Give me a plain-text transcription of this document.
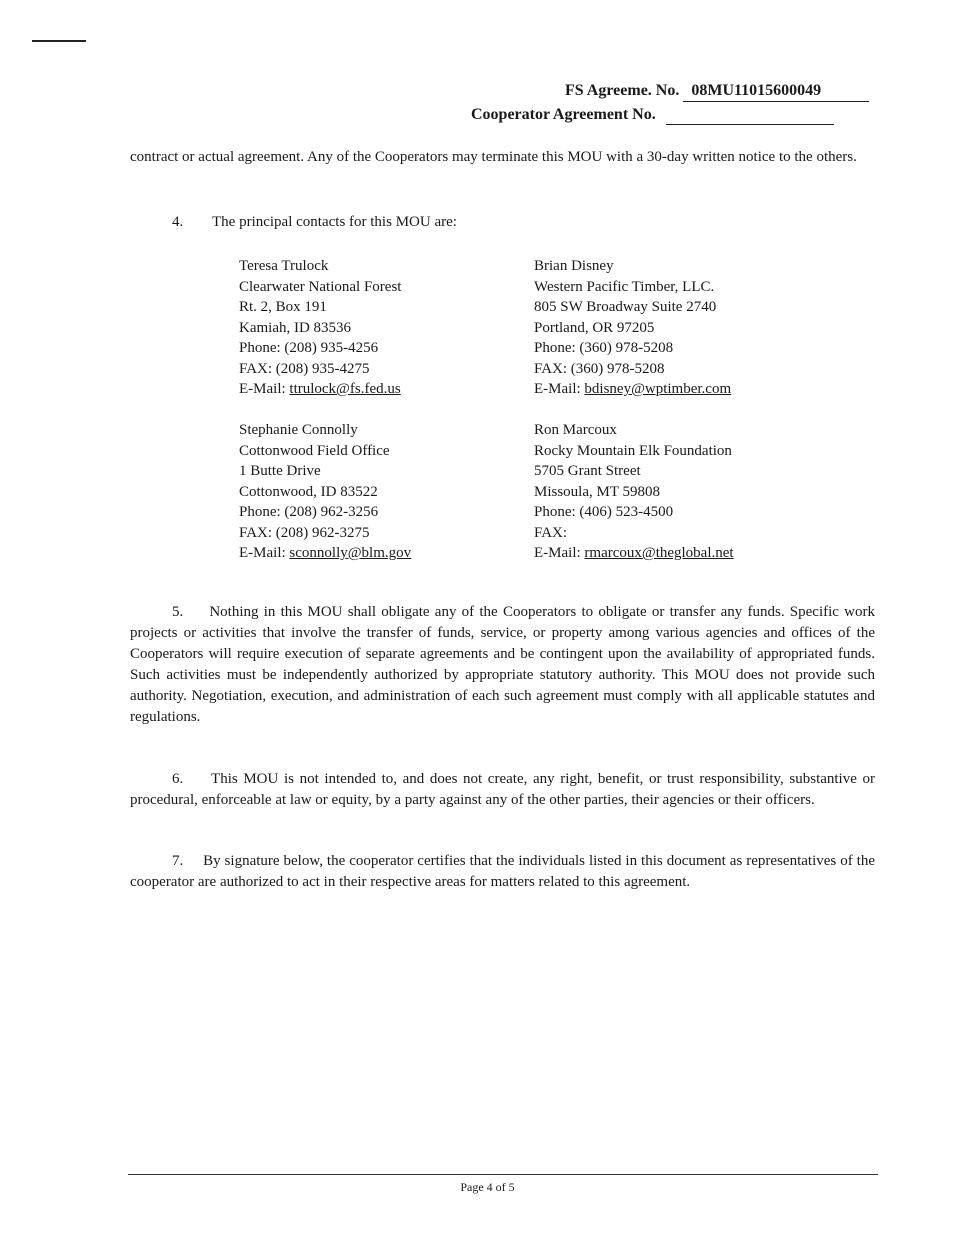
FS Agreeme. No. 08MU11015600049
Cooperator Agreement No.
contract or actual agreement. Any of the Cooperators may terminate this MOU with a 30-day written notice to the others.
4. The principal contacts for this MOU are:
Teresa Trulock
Clearwater National Forest
Rt. 2, Box 191
Kamiah, ID 83536
Phone: (208) 935-4256
FAX: (208) 935-4275
E-Mail: ttrulock@fs.fed.us
Brian Disney
Western Pacific Timber, LLC.
805 SW Broadway Suite 2740
Portland, OR 97205
Phone: (360) 978-5208
FAX: (360) 978-5208
E-Mail: bdisney@wptimber.com
Stephanie Connolly
Cottonwood Field Office
1 Butte Drive
Cottonwood, ID 83522
Phone: (208) 962-3256
FAX: (208) 962-3275
E-Mail: sconnolly@blm.gov
Ron Marcoux
Rocky Mountain Elk Foundation
5705 Grant Street
Missoula, MT 59808
Phone: (406) 523-4500
FAX:
E-Mail: rmarcoux@theglobal.net
5.     Nothing in this MOU shall obligate any of the Cooperators to obligate or transfer any funds. Specific work projects or activities that involve the transfer of funds, service, or property among various agencies and offices of the Cooperators will require execution of separate agreements and be contingent upon the availability of appropriated funds. Such activities must be independently authorized by appropriate statutory authority. This MOU does not provide such authority. Negotiation, execution, and administration of each such agreement must comply with all applicable statutes and regulations.
6.     This MOU is not intended to, and does not create, any right, benefit, or trust responsibility, substantive or procedural, enforceable at law or equity, by a party against any of the other parties, their agencies or their officers.
7.     By signature below, the cooperator certifies that the individuals listed in this document as representatives of the cooperator are authorized to act in their respective areas for matters related to this agreement.
Page 4 of 5
